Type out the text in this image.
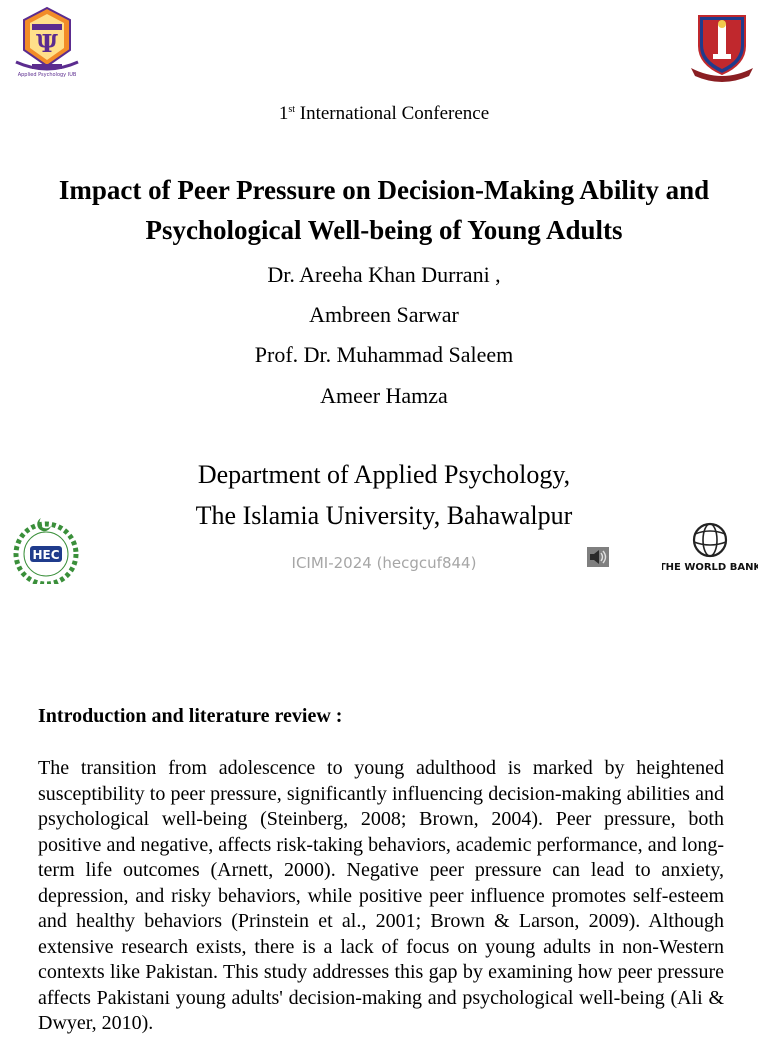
Ψ
Applied Psychology IUB
1st International Conference
Impact of Peer Pressure on Decision-Making Ability and
Psychological Well-being of Young Adults
Dr. Areeha Khan Durrani ,
Ambreen Sarwar
Prof. Dr. Muhammad Saleem
Ameer Hamza
Department of Applied Psychology,
The Islamia University, Bahawalpur
HEC	ICIMI-2024 (hecgcuf844)	THE WORLD BANK
Introduction and literature review :

The transition from adolescence to young adulthood is marked by heightened susceptibility to peer pressure, significantly influencing decision-making abilities and psychological well-being (Steinberg, 2008; Brown, 2004). Peer pressure, both positive and negative, affects risk-taking behaviors, academic performance, and long-term life outcomes (Arnett, 2000). Negative peer pressure can lead to anxiety, depression, and risky behaviors, while positive peer influence promotes self-esteem and healthy behaviors (Prinstein et al., 2001; Brown & Larson, 2009). Although extensive research exists, there is a lack of focus on young adults in non-Western contexts like Pakistan. This study addresses this gap by examining how peer pressure affects Pakistani young adults' decision-making and psychological well-being (Ali & Dwyer, 2010).
